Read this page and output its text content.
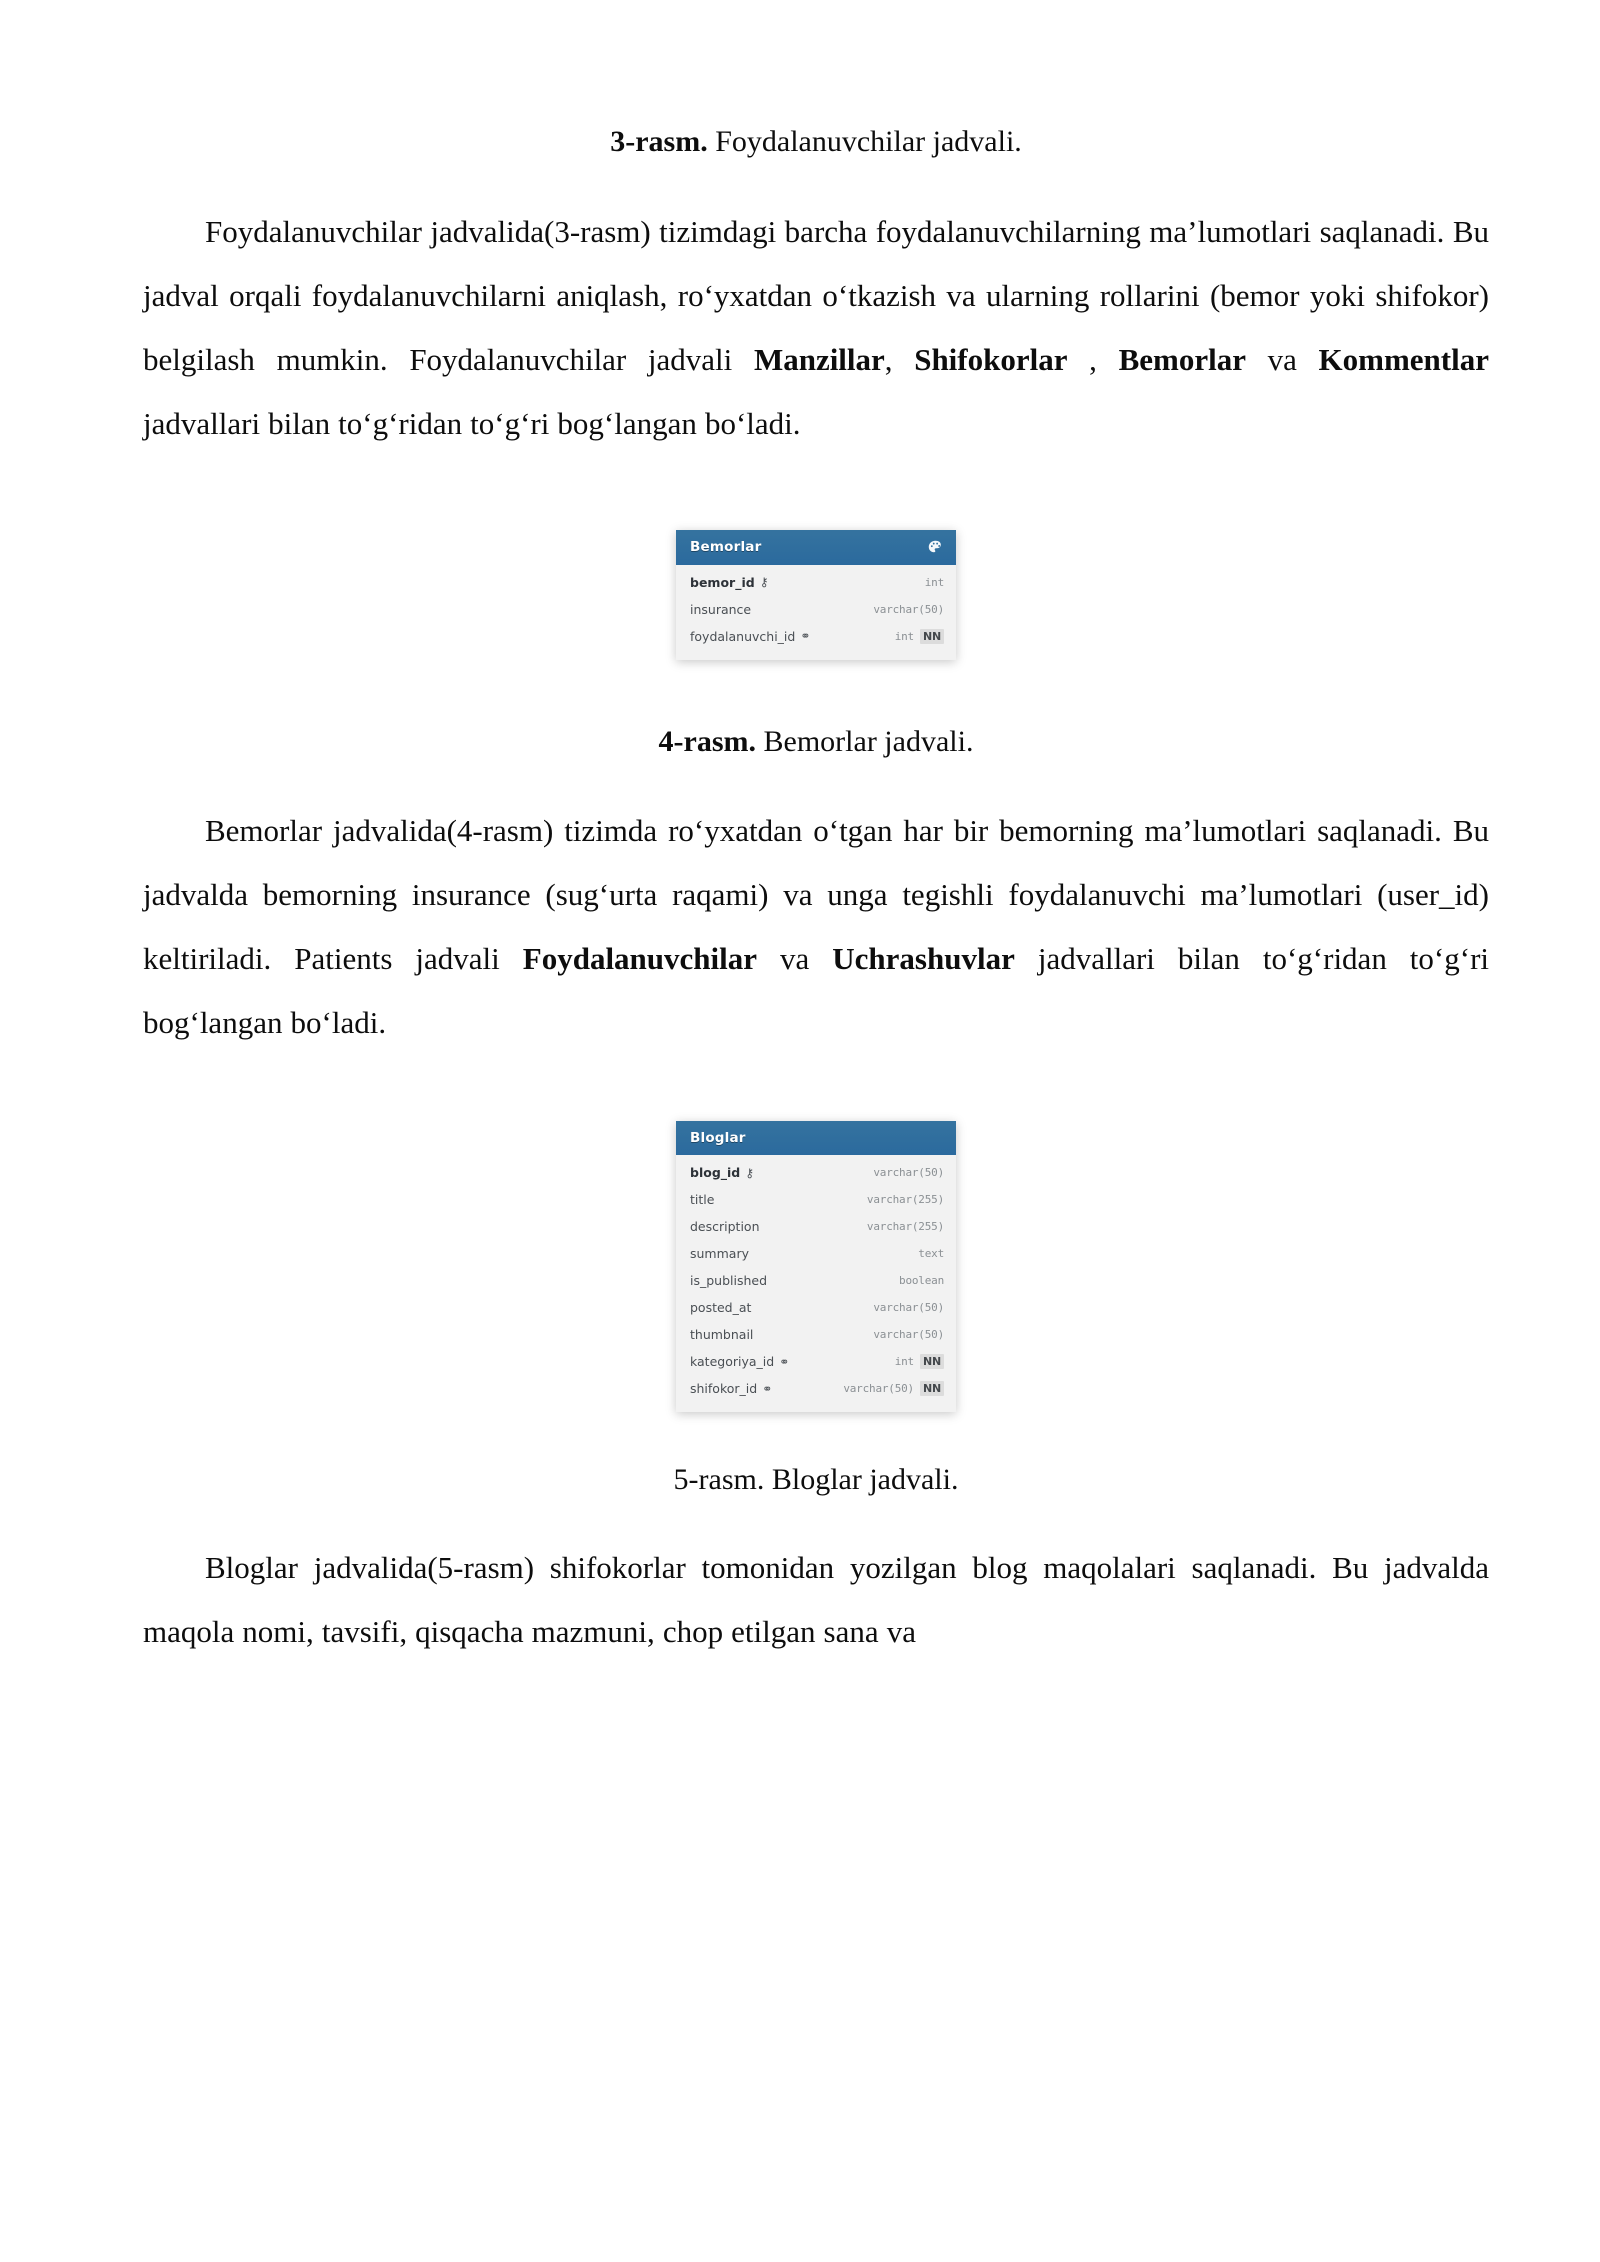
3-rasm. Foydalanuvchilar jadvali.

Foydalanuvchilar jadvalida(3-rasm) tizimdagi barcha foydalanuvchilarning ma’lumotlari saqlanadi. Bu jadval orqali foydalanuvchilarni aniqlash, ro‘yxatdan o‘tkazish va ularning rollarini (bemor yoki shifokor) belgilash mumkin. Foydalanuvchilar jadvali Manzillar, Shifokorlar , Bemorlar va Kommentlar jadvallari bilan to‘g‘ridan to‘g‘ri bog‘langan bo‘ladi.

Bemorlar
bemor_id ⚷	int
insurance	varchar(50)
foydalanuvchi_id ⚭	int NN

4-rasm. Bemorlar jadvali.

Bemorlar jadvalida(4-rasm) tizimda ro‘yxatdan o‘tgan har bir bemorning ma’lumotlari saqlanadi. Bu jadvalda bemorning insurance (sug‘urta raqami) va unga tegishli foydalanuvchi ma’lumotlari (user_id) keltiriladi. Patients jadvali Foydalanuvchilar va Uchrashuvlar jadvallari bilan to‘g‘ridan to‘g‘ri bog‘langan bo‘ladi.

Bloglar
blog_id ⚷	varchar(50)
title	varchar(255)
description	varchar(255)
summary	text
is_published	boolean
posted_at	varchar(50)
thumbnail	varchar(50)
kategoriya_id ⚭	int NN
shifokor_id ⚭	varchar(50) NN

5-rasm. Bloglar jadvali.

Bloglar jadvalida(5-rasm) shifokorlar tomonidan yozilgan blog maqolalari saqlanadi. Bu jadvalda maqola nomi, tavsifi, qisqacha mazmuni, chop etilgan sana va
